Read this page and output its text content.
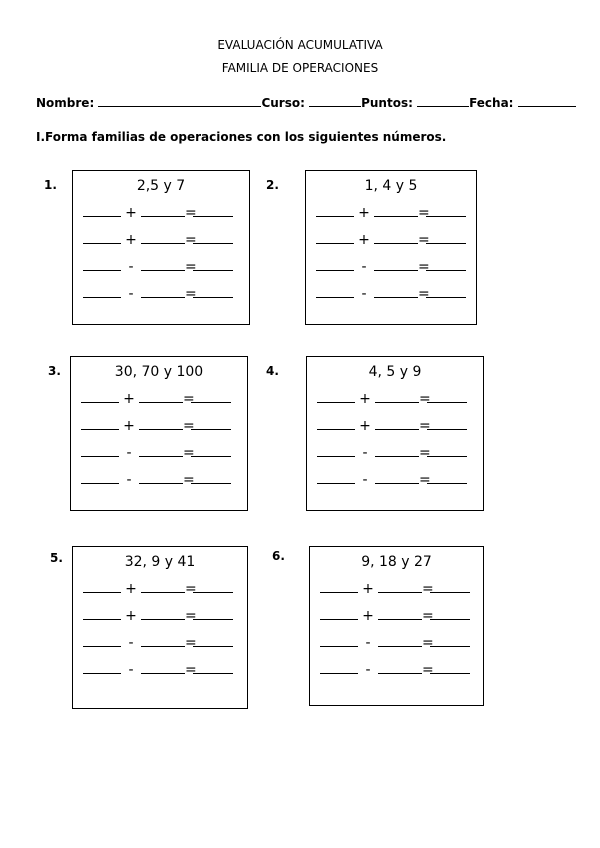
EVALUACIÓN ACUMULATIVA
FAMILIA DE OPERACIONES
Nombre:	Curso:	Puntos:	Fecha:
I.Forma familias de operaciones con los siguientes números.
1.	2,5 y 7
+	=
+	=
-	=
-	=
2.	1, 4 y 5
+	=
+	=
-	=
-	=
3.	30, 70 y 100
+	=
+	=
-	=
-	=
4.	4, 5 y 9
+	=
+	=
-	=
-	=
5.	32, 9 y 41
+	=
+	=
-	=
-	=
6.	9, 18 y 27
+	=
+	=
-	=
-	=
